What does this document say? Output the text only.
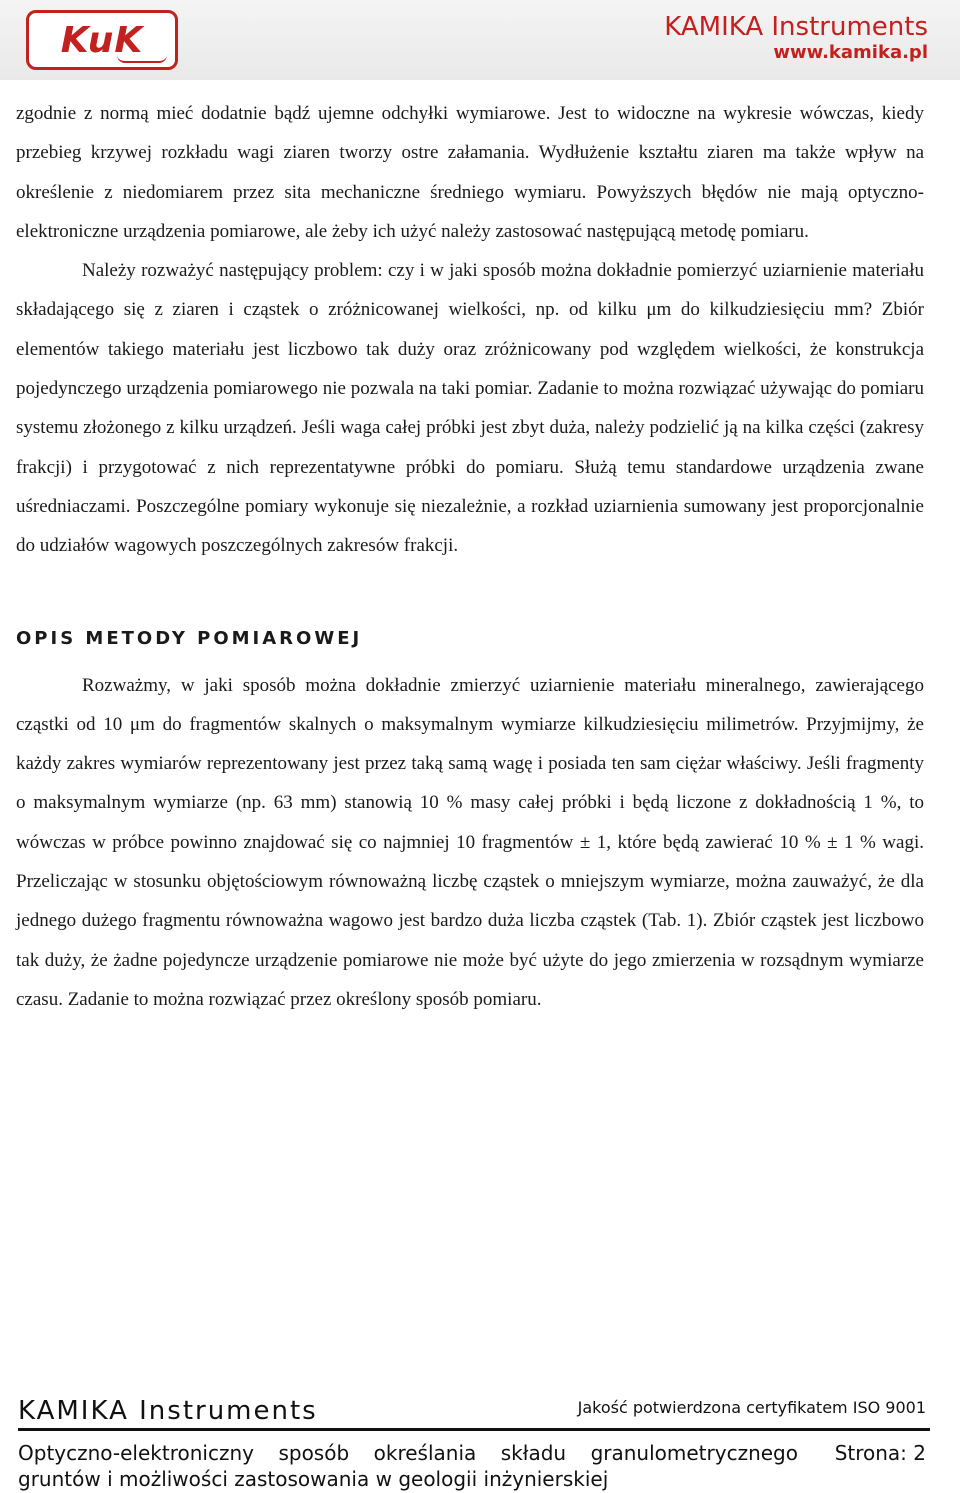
KuK	KAMIKA Instruments
www.kamika.pl

zgodnie z normą mieć dodatnie bądź ujemne odchyłki wymiarowe. Jest to widoczne na wykresie wówczas, kiedy przebieg krzywej rozkładu wagi ziaren tworzy ostre załamania. Wydłużenie kształtu ziaren ma także wpływ na określenie z niedomiarem przez sita mechaniczne średniego wymiaru. Powyższych błędów nie mają optyczno-elektroniczne urządzenia pomiarowe, ale żeby ich użyć należy zastosować następującą metodę pomiaru.

Należy rozważyć następujący problem: czy i w jaki sposób można dokładnie pomierzyć uziarnienie materiału składającego się z ziaren i cząstek o zróżnicowanej wielkości, np. od kilku μm do kilkudziesięciu mm? Zbiór elementów takiego materiału jest liczbowo tak duży oraz zróżnicowany pod względem wielkości, że konstrukcja pojedynczego urządzenia pomiarowego nie pozwala na taki pomiar. Zadanie to można rozwiązać używając do pomiaru systemu złożonego z kilku urządzeń. Jeśli waga całej próbki jest zbyt duża, należy podzielić ją na kilka części (zakresy frakcji) i przygotować z nich reprezentatywne próbki do pomiaru. Służą temu standardowe urządzenia zwane uśredniaczami. Poszczególne pomiary wykonuje się niezależnie, a rozkład uziarnienia sumowany jest proporcjonalnie do udziałów wagowych poszczególnych zakresów frakcji.

OPIS METODY POMIAROWEJ

Rozważmy, w jaki sposób można dokładnie zmierzyć uziarnienie materiału mineralnego, zawierającego cząstki od 10 μm do fragmentów skalnych o maksymalnym wymiarze kilkudziesięciu milimetrów. Przyjmijmy, że każdy zakres wymiarów reprezentowany jest przez taką samą wagę i posiada ten sam ciężar właściwy. Jeśli fragmenty o maksymalnym wymiarze (np. 63 mm) stanowią 10 % masy całej próbki i będą liczone z dokładnością 1 %, to wówczas w próbce powinno znajdować się co najmniej 10 fragmentów ± 1, które będą zawierać 10 % ± 1 % wagi. Przeliczając w stosunku objętościowym równoważną liczbę cząstek o mniejszym wymiarze, można zauważyć, że dla jednego dużego fragmentu równoważna wagowo jest bardzo duża liczba cząstek (Tab. 1). Zbiór cząstek jest liczbowo tak duży, że żadne pojedyncze urządzenie pomiarowe nie może być użyte do jego zmierzenia w rozsądnym wymiarze czasu. Zadanie to można rozwiązać przez określony sposób pomiaru.

KAMIKA Instruments	Jakość potwierdzona certyfikatem ISO 9001
Optyczno-elektroniczny sposób określania składu granulometrycznego
gruntów i możliwości zastosowania w geologii inżynierskiej
Strona: 2
